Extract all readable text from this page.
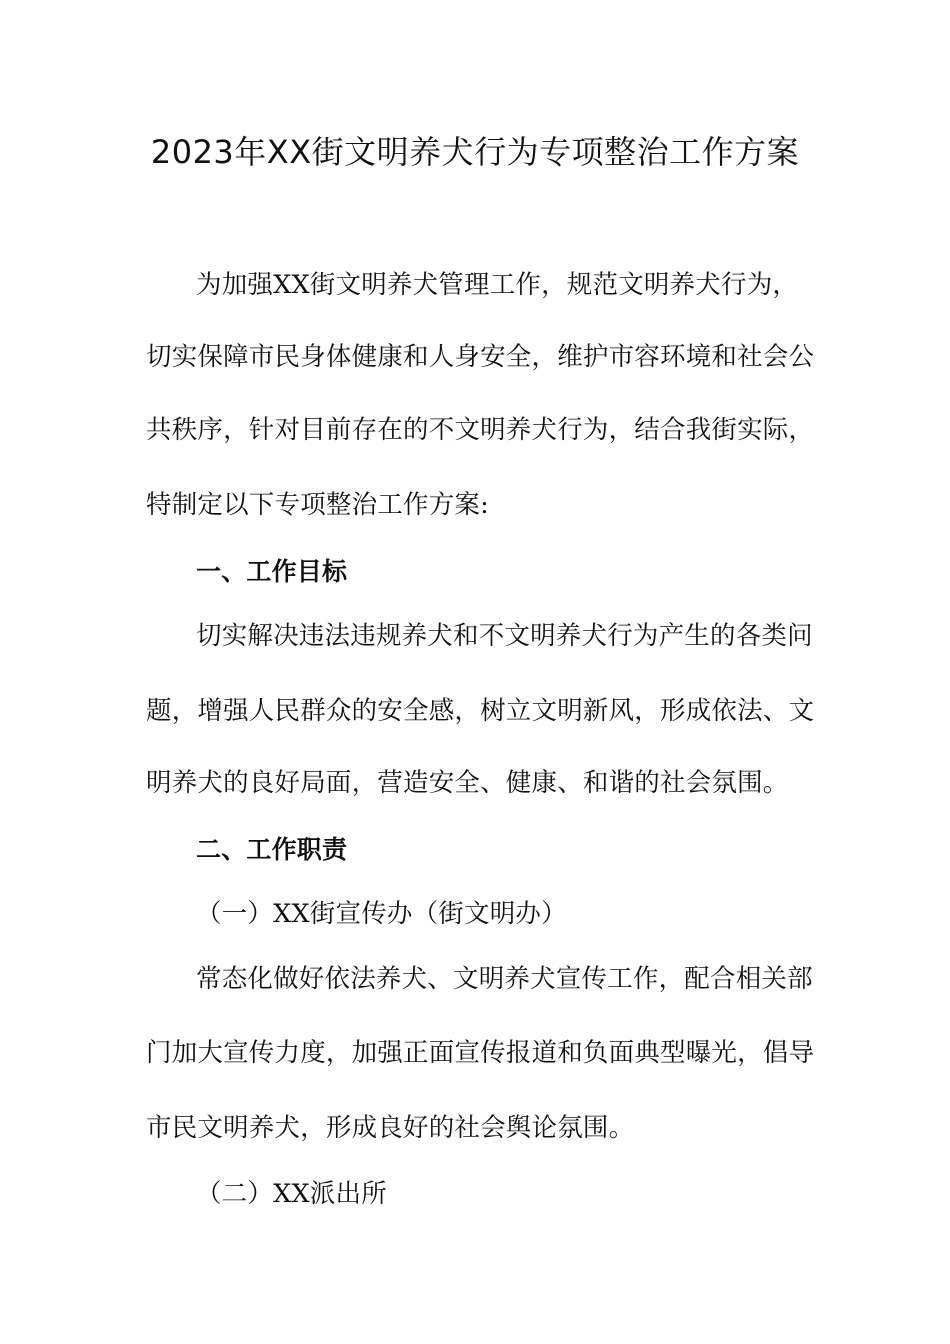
2023年XX街文明养犬行为专项整治工作方案
为加强XX街文明养犬管理工作，规范文明养犬行为，
切实保障市民身体健康和人身安全，维护市容环境和社会公
共秩序，针对目前存在的不文明养犬行为，结合我街实际，
特制定以下专项整治工作方案:
一、工作目标
切实解决违法违规养犬和不文明养犬行为产生的各类问
题，增强人民群众的安全感，树立文明新风，形成依法、文
明养犬的良好局面，营造安全、健康、和谐的社会氛围。
二、工作职责
（一）XX街宣传办（街文明办）
常态化做好依法养犬、文明养犬宣传工作，配合相关部
门加大宣传力度，加强正面宣传报道和负面典型曝光，倡导
市民文明养犬，形成良好的社会舆论氛围。
（二）XX派出所
